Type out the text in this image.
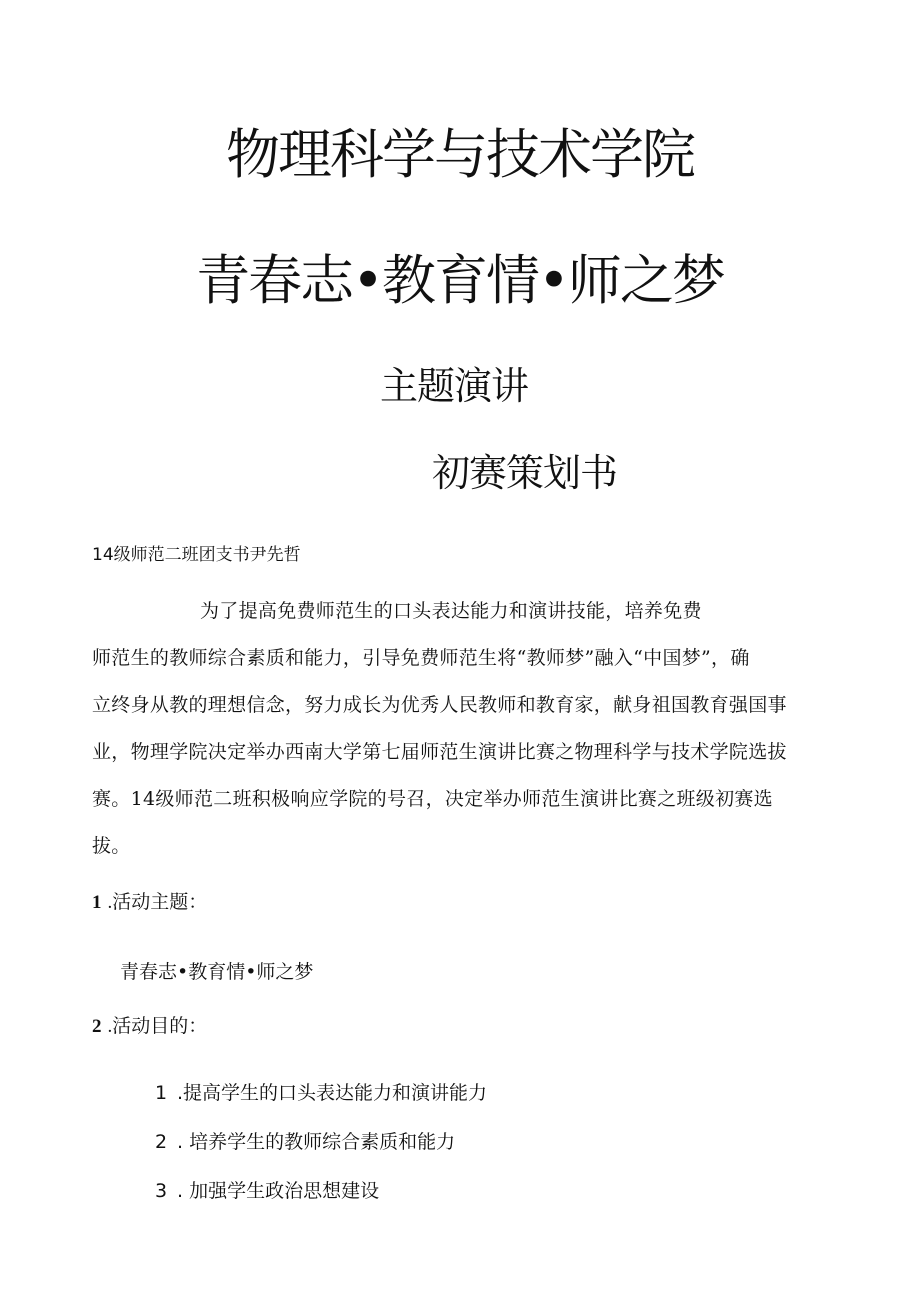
物理科学与技术学院
青春志•教育情•师之梦
主题演讲
初赛策划书
14级师范二班团支书尹先哲
为了提高免费师范生的口头表达能力和演讲技能，培养免费
师范生的教师综合素质和能力，引导免费师范生将“教师梦”融入“中国梦”，确
立终身从教的理想信念，努力成长为优秀人民教师和教育家，献身祖国教育强国事
业，物理学院决定举办西南大学第七届师范生演讲比赛之物理科学与技术学院选拔
赛。14级师范二班积极响应学院的号召，决定举办师范生演讲比赛之班级初赛选
拔。
1 .活动主题：
青春志•教育情•师之梦
2 .活动目的：
1 .提高学生的口头表达能力和演讲能力
2 . 培养学生的教师综合素质和能力
3 . 加强学生政治思想建设
